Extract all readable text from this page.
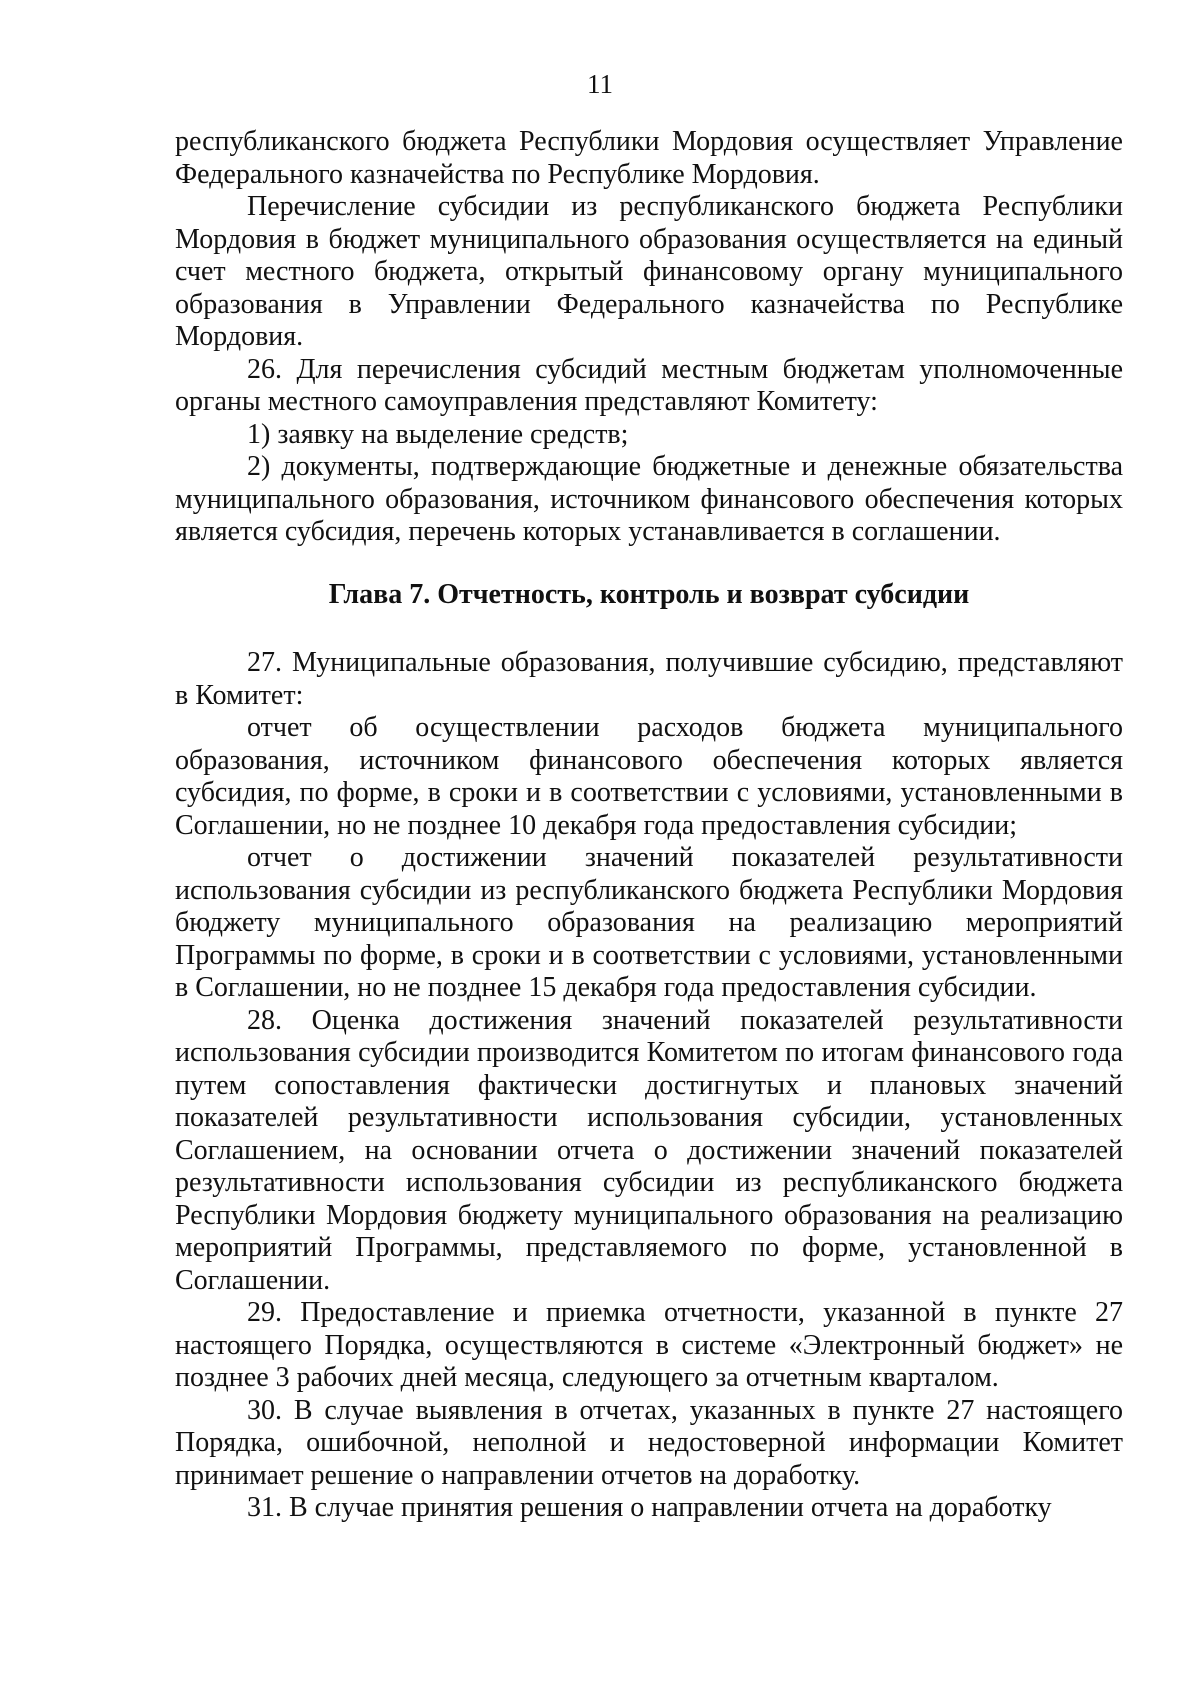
11

республиканского бюджета Республики Мордовия осуществляет Управление Федерального казначейства по Республике Мордовия.

Перечисление субсидии из республиканского бюджета Республики Мордовия в бюджет муниципального образования осуществляется на единый счет местного бюджета, открытый финансовому органу муниципального образования в Управлении Федерального казначейства по Республике Мордовия.

26. Для перечисления субсидий местным бюджетам уполномоченные органы местного самоуправления представляют Комитету:

1) заявку на выделение средств;

2) документы, подтверждающие бюджетные и денежные обязательства муниципального образования, источником финансового обеспечения которых является субсидия, перечень которых устанавливается в соглашении.

Глава 7. Отчетность, контроль и возврат субсидии

27. Муниципальные образования, получившие субсидию, представляют в Комитет:

отчет об осуществлении расходов бюджета муниципального образования, источником финансового обеспечения которых является субсидия, по форме, в сроки и в соответствии с условиями, установленными в Соглашении, но не позднее 10 декабря года предоставления субсидии;

отчет о достижении значений показателей результативности использования субсидии из республиканского бюджета Республики Мордовия бюджету муниципального образования на реализацию мероприятий Программы по форме, в сроки и в соответствии с условиями, установленными в Соглашении, но не позднее 15 декабря года предоставления субсидии.

28. Оценка достижения значений показателей результативности использования субсидии производится Комитетом по итогам финансового года путем сопоставления фактически достигнутых и плановых значений показателей результативности использования субсидии, установленных Соглашением, на основании отчета о достижении значений показателей результативности использования субсидии из республиканского бюджета Республики Мордовия бюджету муниципального образования на реализацию мероприятий Программы, представляемого по форме, установленной в Соглашении.

29. Предоставление и приемка отчетности, указанной в пункте 27 настоящего Порядка, осуществляются в системе «Электронный бюджет» не позднее 3 рабочих дней месяца, следующего за отчетным кварталом.

30. В случае выявления в отчетах, указанных в пункте 27 настоящего Порядка, ошибочной, неполной и недостоверной информации Комитет принимает решение о направлении отчетов на доработку.

31. В случае принятия решения о направлении отчета на доработку
